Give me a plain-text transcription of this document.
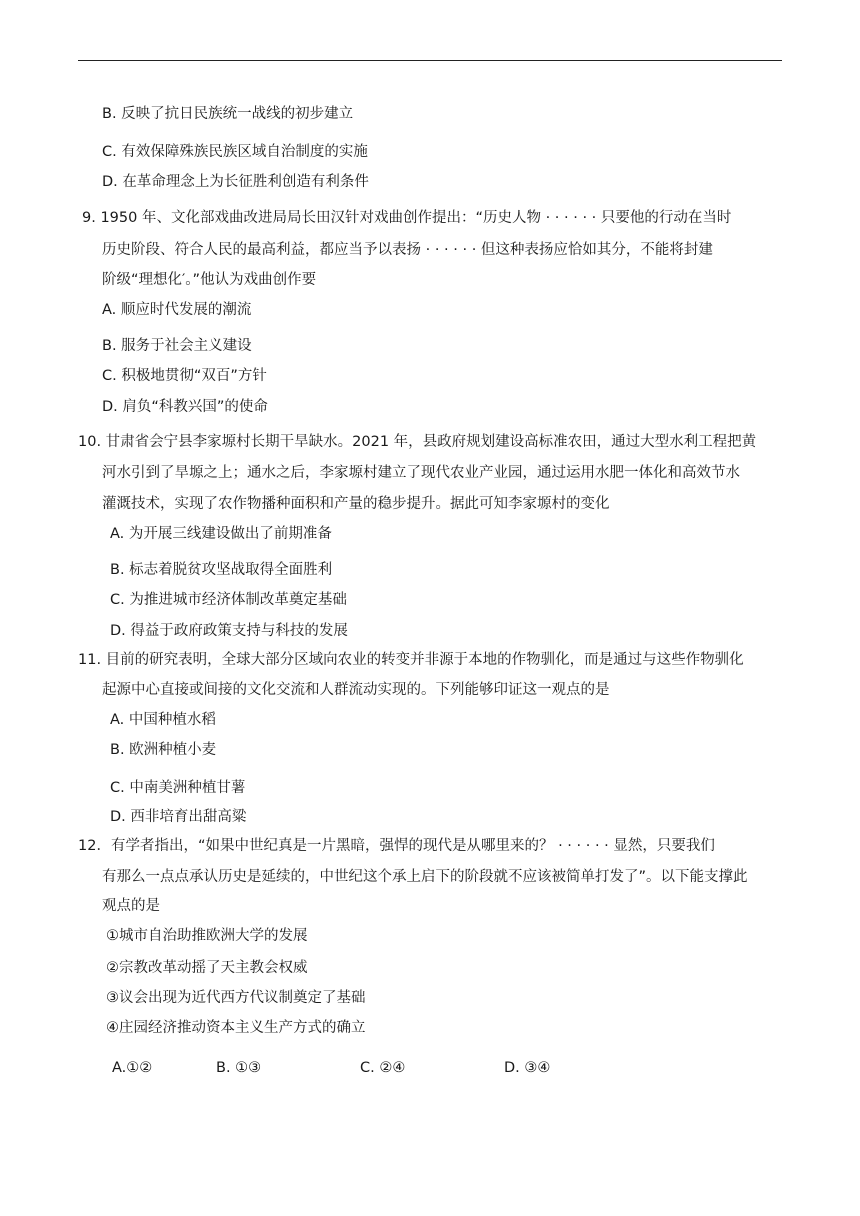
B. 反映了抗日民族统一战线的初步建立
C. 有效保障殊族民族区域自治制度的实施
D. 在革命理念上为长征胜利创造有利条件
9. 1950 年、文化部戏曲改进局局长田汉针对戏曲创作提出：“历史人物 · · · · · · 只要他的行动在当时
历史阶段、符合人民的最高利益，都应当予以表扬 · · · · · · 但这种表扬应恰如其分，不能将封建
阶级“理想化′。”他认为戏曲创作要
A. 顺应时代发展的潮流
B. 服务于社会主义建设
C. 积极地贯彻“双百”方针
D. 肩负“科教兴国”的使命
10. 甘肃省会宁县李家塬村长期干旱缺水。2021 年，县政府规划建设高标准农田，通过大型水利工程把黄
河水引到了旱塬之上；通水之后，李家塬村建立了现代农业产业园，通过运用水肥一体化和高效节水
灌溉技术，实现了农作物播种面积和产量的稳步提升。据此可知李家塬村的变化
A. 为开展三线建设做出了前期准备
B. 标志着脱贫攻坚战取得全面胜利
C. 为推进城市经济体制改革奠定基础
D. 得益于政府政策支持与科技的发展
11. 目前的研究表明，全球大部分区域向农业的转变并非源于本地的作物驯化，而是通过与这些作物驯化
起源中心直接或间接的文化交流和人群流动实现的。下列能够印证这一观点的是
A. 中国种植水稻
B. 欧洲种植小麦
C. 中南美洲种植甘薯
D. 西非培育出甜高粱
12．有学者指出，“如果中世纪真是一片黑暗，强悍的现代是从哪里来的？ · · · · · · 显然，只要我们
有那么一点点承认历史是延续的，中世纪这个承上启下的阶段就不应该被简单打发了”。以下能支撑此
观点的是
①城市自治助推欧洲大学的发展
②宗教改革动摇了天主教会权威
③议会出现为近代西方代议制奠定了基础
④庄园经济推动资本主义生产方式的确立
A.①②	B. ①③	C. ②④	D. ③④
